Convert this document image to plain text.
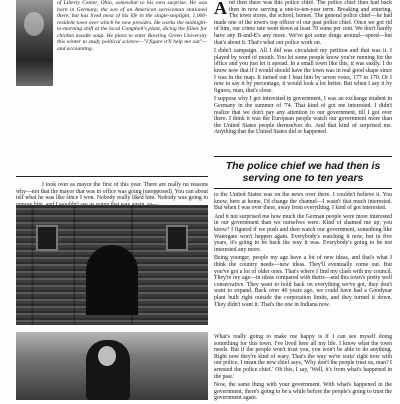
of Liberty Center, Ohio, somewhat to his own surprise. He was born in Germany, the son of an American serviceman stationed there, but has lived most of his life in the single-stoplight, 1,000-resident town over which he now presides. He works the midnight-to-morning shift at the local Campbell's plant, dicing the fillets for chicken noodle soup. He plans to enter Bowling Green University this winter to study political science—"I figure it'll help me out"—and accounting.

I took over as mayor the first of this year. There are really no reasons why—not that the mayor that was in office was going (unopposed). You can about tell what he was like since I won. Nobody really liked him. Nobody was going to

And then there was this police chief. The police chief then had back then in now serving a one-to-ten-year term. Breaking and entering. The town stores, the school, homes. The general police chief—he had made one of the town's top officer of our past police chief. Once we got rid of him, our crime rate went down at least 70 some per cent. We don't hardly have any B-and-E's any more. We've got some drugs around—speed—but that's about it. That's what our police work on.

I didn't campaign. All I did was circulated my petition and that was it. I played by word of mouth. You let some people know you're running for the office and you just let it spread. In a small town like this, it was easily. I do know now that if I would should have the town was in real good shape since I was in the map. It turned out I beat him by seven votes, 177 to 170. Or I now to say it by percentage, it would look a lot better. But when I say it by figures, man, that's close.

I suppose why I got interested in government, I was an exchange student in Germany in the summer of '74. That kind of got me interested. I didn't realize that we don't pay any attention to our government, till I got over there. I think it was the European people watch our government more than the United States people themselves do. And that kind of surprised me. Anything that the United States did or happened

The police chief we had then is serving one to ten years

to the United States was on the news over there. I couldn't believe it. You know, here at home, I'd change the channel—I wasn't that much interested. But when I was over there, away from everything, I kind of got interested.

And it not surprised me how much the German people were more interested in our government than we ourselves were. Kind of shamed me up, you know? I figured if we push and then watch our government, something like Watergate won't happen again. Everybody's watching it now, but in five years, it's going to be back the way it was. Everybody's going to be not interested any more.

Being younger, people my age have a lot of new ideas, and that's what I think the country needs—new ideas. They'll eventually come out. But you've got a lot of older ones. That's where I find my clash with my council. They're my age—in ideas compared with theirs—and this town's pretty well conservative. They want to hold back on everything we've got, they don't want to expand. Back over 40 years ago, we could have had a Goodyear plant built right outside the corporation limits, and they turned it down. They didn't want it. That's the one in Indiana now.

What's really going to make me happy is if I can see myself doing something for this town. I've lived here all my life. I know what the town needs. But if the people won't trust you, you won't be able to do anything. Right now they're kind of wary. That's the way we're sorta' right now with our police. I mean the new chief says, 'Why don't the people trust us, man? I arrested the police chief.' Oh this, I say, 'Well, it's from what's happened in the past.'

Now, the same thing with your government. With what's happened in the government, there's going to be a while before the people's going to trust the government again.
